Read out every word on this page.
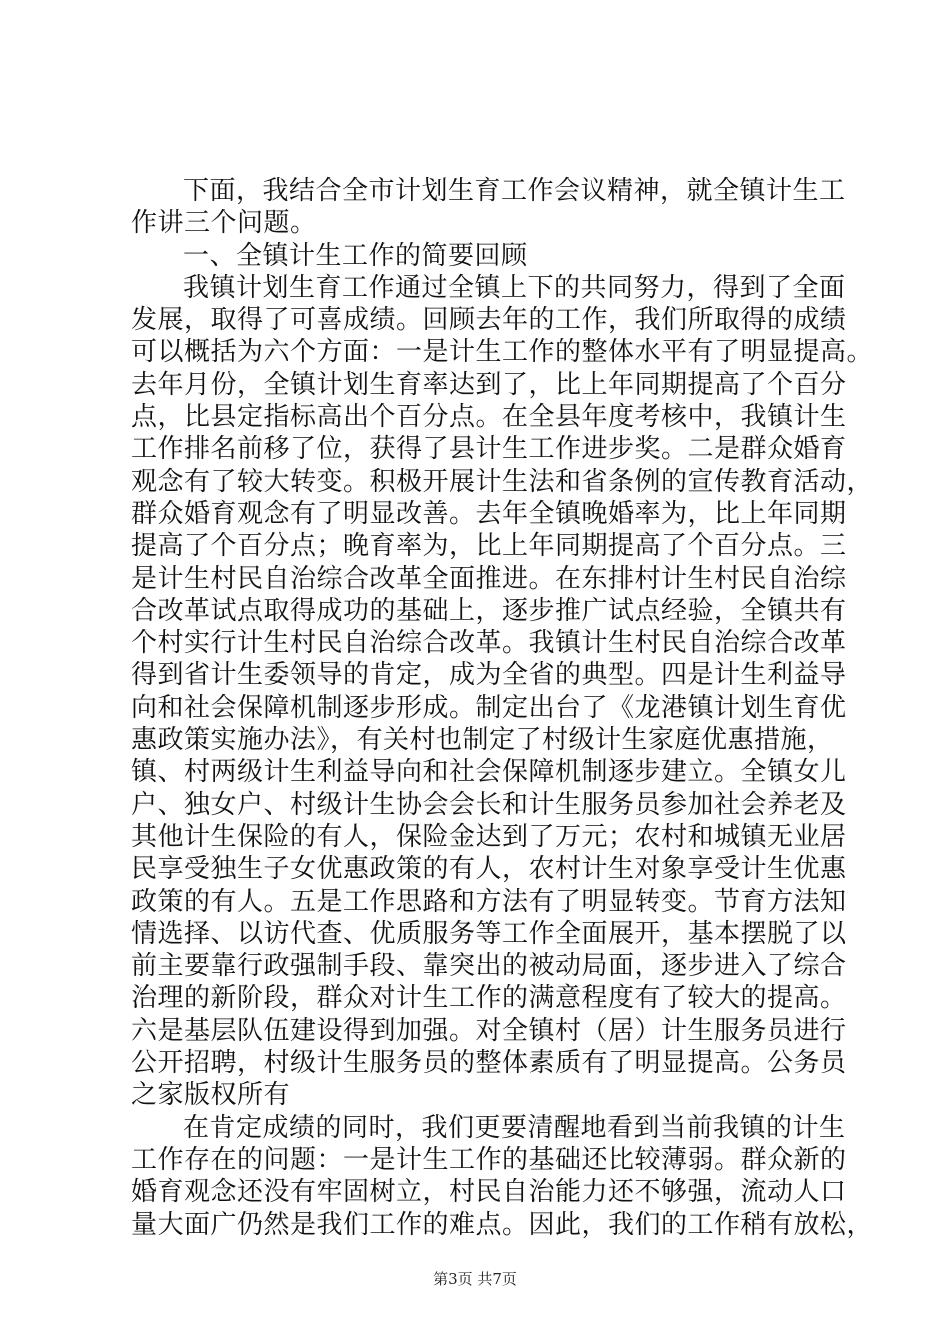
下面，我结合全市计划生育工作会议精神，就全镇计生工
作讲三个问题。
一、全镇计生工作的简要回顾
我镇计划生育工作通过全镇上下的共同努力，得到了全面
发展，取得了可喜成绩。回顾去年的工作，我们所取得的成绩
可以概括为六个方面：一是计生工作的整体水平有了明显提高。
去年月份，全镇计划生育率达到了，比上年同期提高了个百分
点，比县定指标高出个百分点。在全县年度考核中，我镇计生
工作排名前移了位，获得了县计生工作进步奖。二是群众婚育
观念有了较大转变。积极开展计生法和省条例的宣传教育活动，
群众婚育观念有了明显改善。去年全镇晚婚率为，比上年同期
提高了个百分点；晚育率为，比上年同期提高了个百分点。三
是计生村民自治综合改革全面推进。在东排村计生村民自治综
合改革试点取得成功的基础上，逐步推广试点经验，全镇共有
个村实行计生村民自治综合改革。我镇计生村民自治综合改革
得到省计生委领导的肯定，成为全省的典型。四是计生利益导
向和社会保障机制逐步形成。制定出台了《龙港镇计划生育优
惠政策实施办法》，有关村也制定了村级计生家庭优惠措施，
镇、村两级计生利益导向和社会保障机制逐步建立。全镇女儿
户、独女户、村级计生协会会长和计生服务员参加社会养老及
其他计生保险的有人，保险金达到了万元；农村和城镇无业居
民享受独生子女优惠政策的有人，农村计生对象享受计生优惠
政策的有人。五是工作思路和方法有了明显转变。节育方法知
情选择、以访代查、优质服务等工作全面展开，基本摆脱了以
前主要靠行政强制手段、靠突出的被动局面，逐步进入了综合
治理的新阶段，群众对计生工作的满意程度有了较大的提高。
六是基层队伍建设得到加强。对全镇村（居）计生服务员进行
公开招聘，村级计生服务员的整体素质有了明显提高。公务员
之家版权所有
在肯定成绩的同时，我们更要清醒地看到当前我镇的计生
工作存在的问题：一是计生工作的基础还比较薄弱。群众新的
婚育观念还没有牢固树立，村民自治能力还不够强，流动人口
量大面广仍然是我们工作的难点。因此，我们的工作稍有放松，
第3页 共7页
